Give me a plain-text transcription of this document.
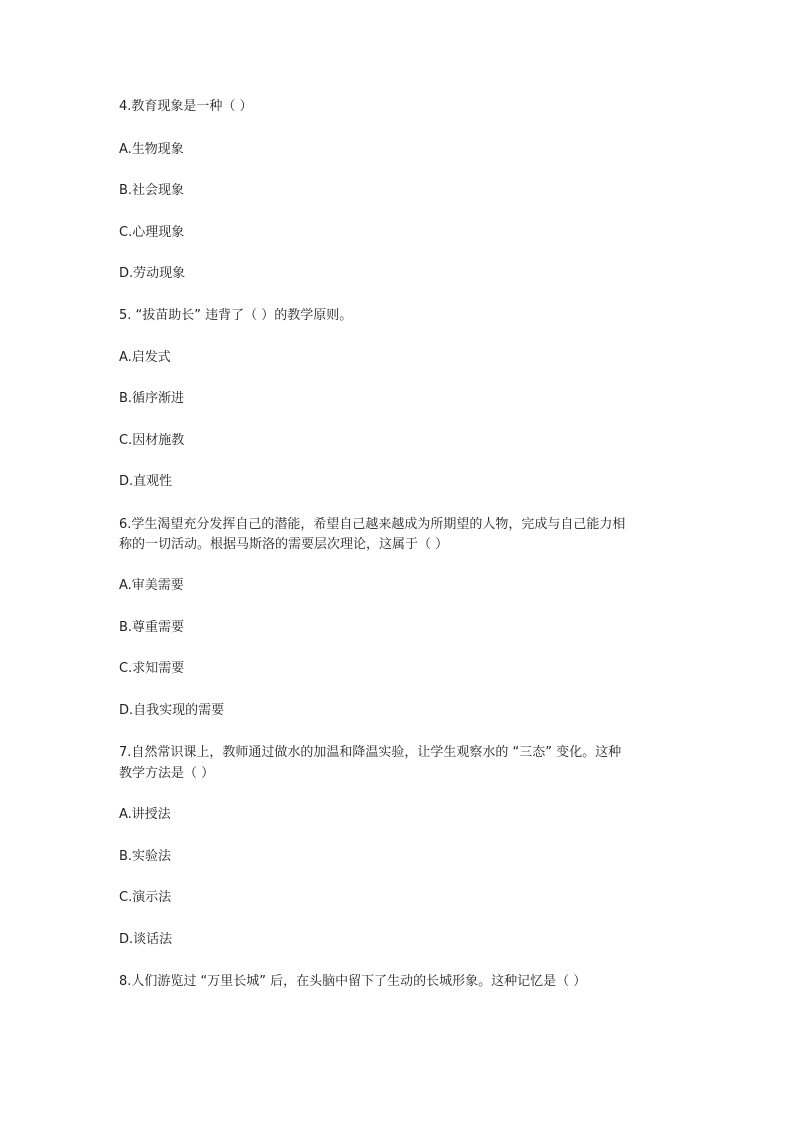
4.教育现象是一种（ ）
A.生物现象
B.社会现象
C.心理现象
D.劳动现象
5. “拔苗助长” 违背了（ ）的教学原则。
A.启发式
B.循序渐进
C.因材施教
D.直观性
6.学生渴望充分发挥自己的潜能，希望自己越来越成为所期望的人物，完成与自己能力相
称的一切活动。根据马斯洛的需要层次理论，这属于（ ）
A.审美需要
B.尊重需要
C.求知需要
D.自我实现的需要
7.自然常识课上，教师通过做水的加温和降温实验，让学生观察水的 “三态” 变化。这种
教学方法是（ ）
A.讲授法
B.实验法
C.演示法
D.谈话法
8.人们游览过 “万里长城” 后，在头脑中留下了生动的长城形象。这种记忆是（ ）
